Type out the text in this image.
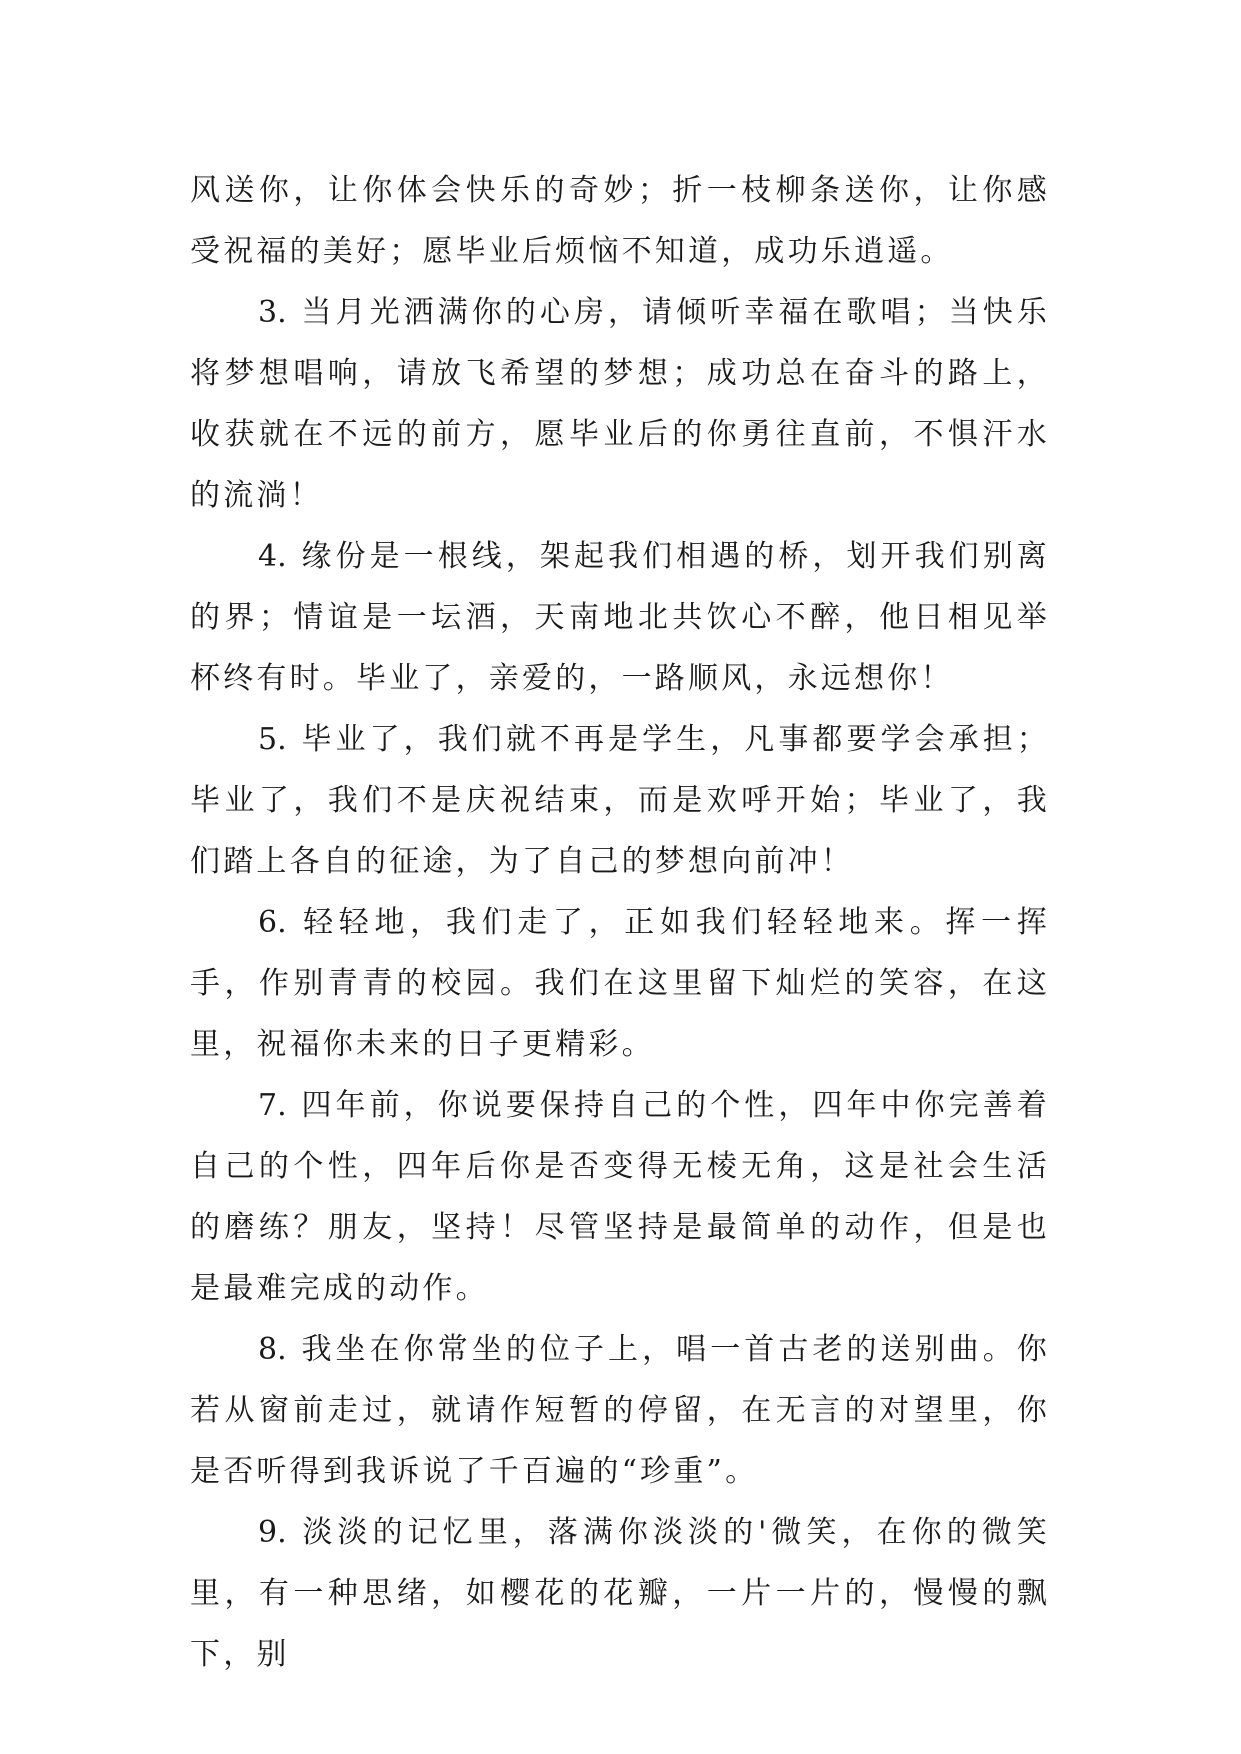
风送你，让你体会快乐的奇妙；折一枝柳条送你，让你感受祝福的美好；愿毕业后烦恼不知道，成功乐逍遥。

3. 当月光洒满你的心房，请倾听幸福在歌唱；当快乐将梦想唱响，请放飞希望的梦想；成功总在奋斗的路上，收获就在不远的前方，愿毕业后的你勇往直前，不惧汗水的流淌！

4. 缘份是一根线，架起我们相遇的桥，划开我们别离的界；情谊是一坛酒，天南地北共饮心不醉，他日相见举杯终有时。毕业了，亲爱的，一路顺风，永远想你！

5. 毕业了，我们就不再是学生，凡事都要学会承担；毕业了，我们不是庆祝结束，而是欢呼开始；毕业了，我们踏上各自的征途，为了自己的梦想向前冲！

6. 轻轻地，我们走了，正如我们轻轻地来。挥一挥手，作别青青的校园。我们在这里留下灿烂的笑容，在这里，祝福你未来的日子更精彩。

7. 四年前，你说要保持自己的个性，四年中你完善着自己的个性，四年后你是否变得无棱无角，这是社会生活的磨练？朋友，坚持！尽管坚持是最简单的动作，但是也是最难完成的动作。

8. 我坐在你常坐的位子上，唱一首古老的送别曲。你若从窗前走过，就请作短暂的停留，在无言的对望里，你是否听得到我诉说了千百遍的“珍重”。

9. 淡淡的记忆里，落满你淡淡的'微笑，在你的微笑里，有一种思绪，如樱花的花瓣，一片一片的，慢慢的飘下，别
